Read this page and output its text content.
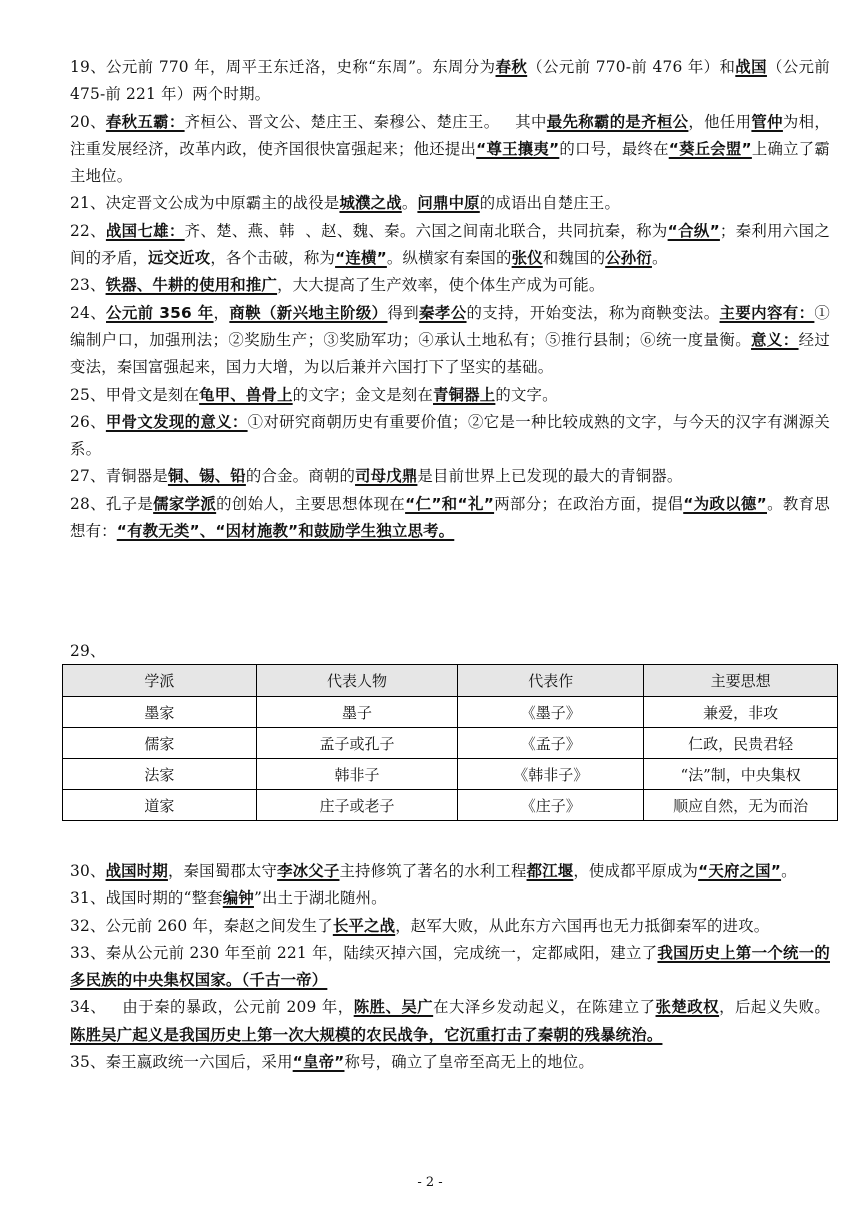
19、公元前 770 年，周平王东迁洛，史称“东周”。东周分为春秋（公元前 770-前 476 年）和战国（公元前 475-前 221 年）两个时期。

20、春秋五霸：齐桓公、晋文公、楚庄王、秦穆公、楚庄王。   其中最先称霸的是齐桓公，他任用管仲为相，注重发展经济，改革内政，使齐国很快富强起来；他还提出“尊王攘夷”的口号，最终在“葵丘会盟”上确立了霸主地位。

21、决定晋文公成为中原霸主的战役是城濮之战。问鼎中原的成语出自楚庄王。

22、战国七雄：齐、楚、燕、韩  、赵、魏、秦。六国之间南北联合，共同抗秦，称为“合纵”；秦利用六国之间的矛盾，远交近攻，各个击破，称为“连横”。纵横家有秦国的张仪和魏国的公孙衍。

23、铁器、牛耕的使用和推广，大大提高了生产效率，使个体生产成为可能。

24、公元前 356 年，商鞅（新兴地主阶级）得到秦孝公的支持，开始变法，称为商鞅变法。主要内容有：①编制户口，加强刑法；②奖励生产；③奖励军功；④承认土地私有；⑤推行县制；⑥统一度量衡。意义：经过变法，秦国富强起来，国力大增，为以后兼并六国打下了坚实的基础。

25、甲骨文是刻在龟甲、兽骨上的文字；金文是刻在青铜器上的文字。

26、甲骨文发现的意义：①对研究商朝历史有重要价值；②它是一种比较成熟的文字，与今天的汉字有渊源关系。

27、青铜器是铜、锡、铅的合金。商朝的司母戊鼎是目前世界上已发现的最大的青铜器。

28、孔子是儒家学派的创始人，主要思想体现在“仁”和“礼”两部分；在政治方面，提倡“为政以德”。教育思想有：“有教无类”、“因材施教”和鼓励学生独立思考。

29、
学派	代表人物	代表作	主要思想
墨家	墨子	《墨子》	兼爱，非攻
儒家	孟子或孔子	《孟子》	仁政，民贵君轻
法家	韩非子	《韩非子》	“法”制，中央集权
道家	庄子或老子	《庄子》	顺应自然，无为而治

30、战国时期，秦国蜀郡太守李冰父子主持修筑了著名的水利工程都江堰，使成都平原成为“天府之国”。

31、战国时期的“整套编钟”出土于湖北随州。

32、公元前 260 年，秦赵之间发生了长平之战，赵军大败，从此东方六国再也无力抵御秦军的进攻。

33、秦从公元前 230 年至前 221 年，陆续灭掉六国，完成统一，定都咸阳，建立了我国历史上第一个统一的多民族的中央集权国家。（千古一帝）

34、   由于秦的暴政，公元前 209 年，陈胜、吴广在大泽乡发动起义，在陈建立了张楚政权，后起义失败。   陈胜吴广起义是我国历史上第一次大规模的农民战争，它沉重打击了秦朝的残暴统治。

35、秦王嬴政统一六国后，采用“皇帝”称号，确立了皇帝至高无上的地位。

- 2 -
